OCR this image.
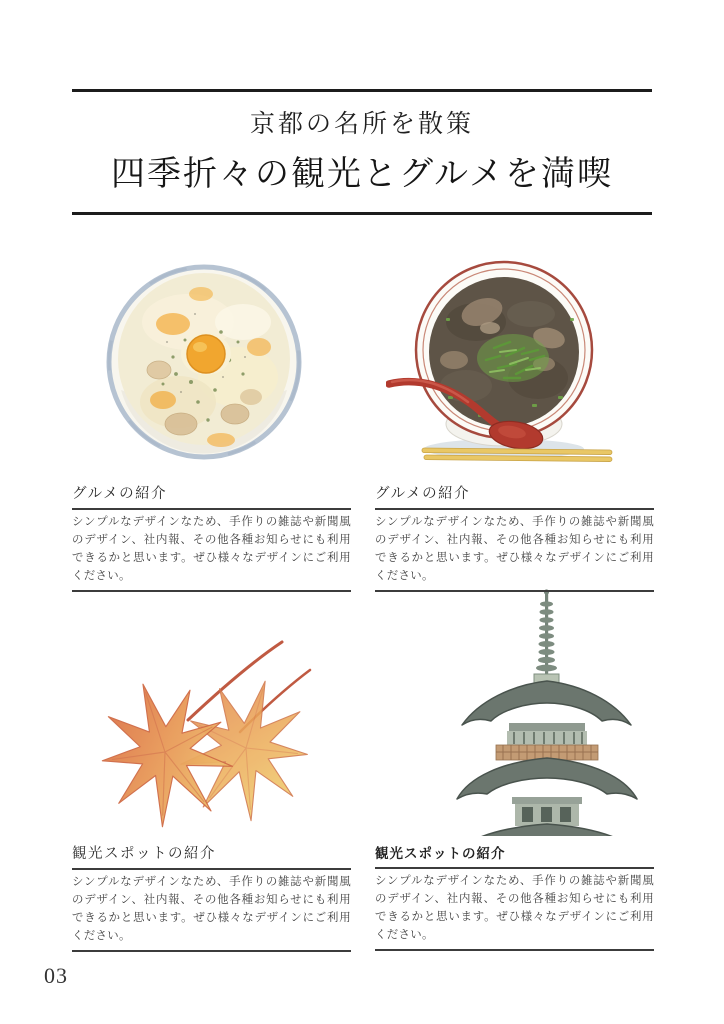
京都の名所を散策
四季折々の観光とグルメを満喫
グルメの紹介
シンプルなデザインなため、手作りの雑誌や新聞風のデザイン、社内報、その他各種お知らせにも利用できるかと思います。ぜひ様々なデザインにご利用ください。
グルメの紹介
シンプルなデザインなため、手作りの雑誌や新聞風のデザイン、社内報、その他各種お知らせにも利用できるかと思います。ぜひ様々なデザインにご利用ください。
観光スポットの紹介
シンプルなデザインなため、手作りの雑誌や新聞風のデザイン、社内報、その他各種お知らせにも利用できるかと思います。ぜひ様々なデザインにご利用ください。
観光スポットの紹介
シンプルなデザインなため、手作りの雑誌や新聞風のデザイン、社内報、その他各種お知らせにも利用できるかと思います。ぜひ様々なデザインにご利用ください。
03
